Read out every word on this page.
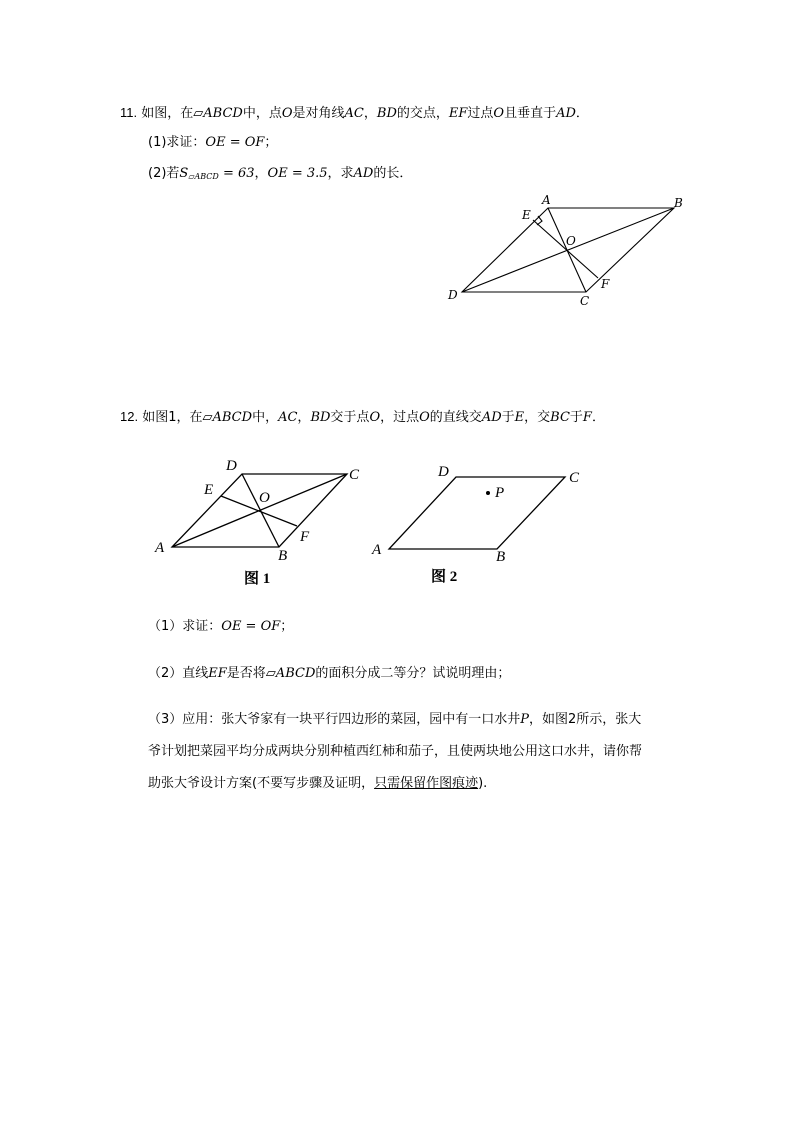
11. 如图，在▱ABCD中，点O是对角线AC，BD的交点，EF过点O且垂直于AD．
(1)求证：OE = OF；
(2)若$S_{▱ABCD} = 63$，OE = 3.5，求AD的长．
A	B
C
D
E
F
O
12. 如图1，在▱ABCD中，AC，BD交于点O，过点O的直线交AD于E，交BC于F．
A	B
C
D
E
F
O
图 1
A	B
C
D
P
图 2
（1）求证：OE = OF；
（2）直线EF是否将▱ABCD的面积分成二等分？试说明理由；
（3）应用：张大爷家有一块平行四边形的菜园，园中有一口水井P，如图2所示，张大
爷计划把菜园平均分成两块分别种植西红柿和茄子，且使两块地公用这口水井，请你帮
助张大爷设计方案(不要写步骤及证明，只需保留作图痕迹).
